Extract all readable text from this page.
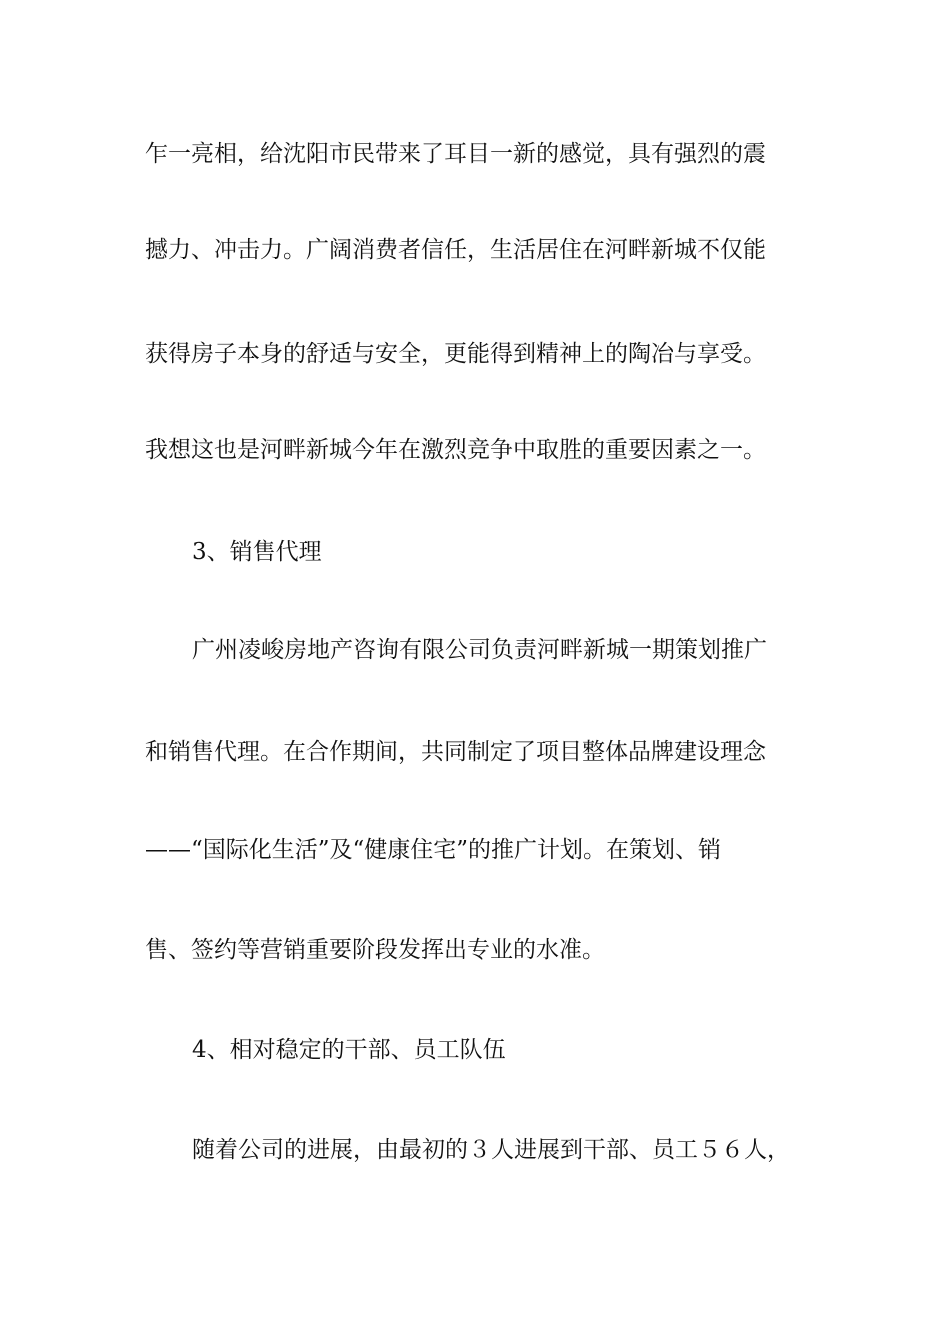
乍一亮相，给沈阳市民带来了耳目一新的感觉，具有强烈的震
撼力、冲击力。广阔消费者信任，生活居住在河畔新城不仅能
获得房子本身的舒适与安全，更能得到精神上的陶冶与享受。
我想这也是河畔新城今年在激烈竞争中取胜的重要因素之一。
3、销售代理
广州凌峻房地产咨询有限公司负责河畔新城一期策划推广
和销售代理。在合作期间，共同制定了项目整体品牌建设理念
——“国际化生活”及“健康住宅”的推广计划。在策划、销
售、签约等营销重要阶段发挥出专业的水准。
4、相对稳定的干部、员工队伍
随着公司的进展，由最初的３人进展到干部、员工５６人，
